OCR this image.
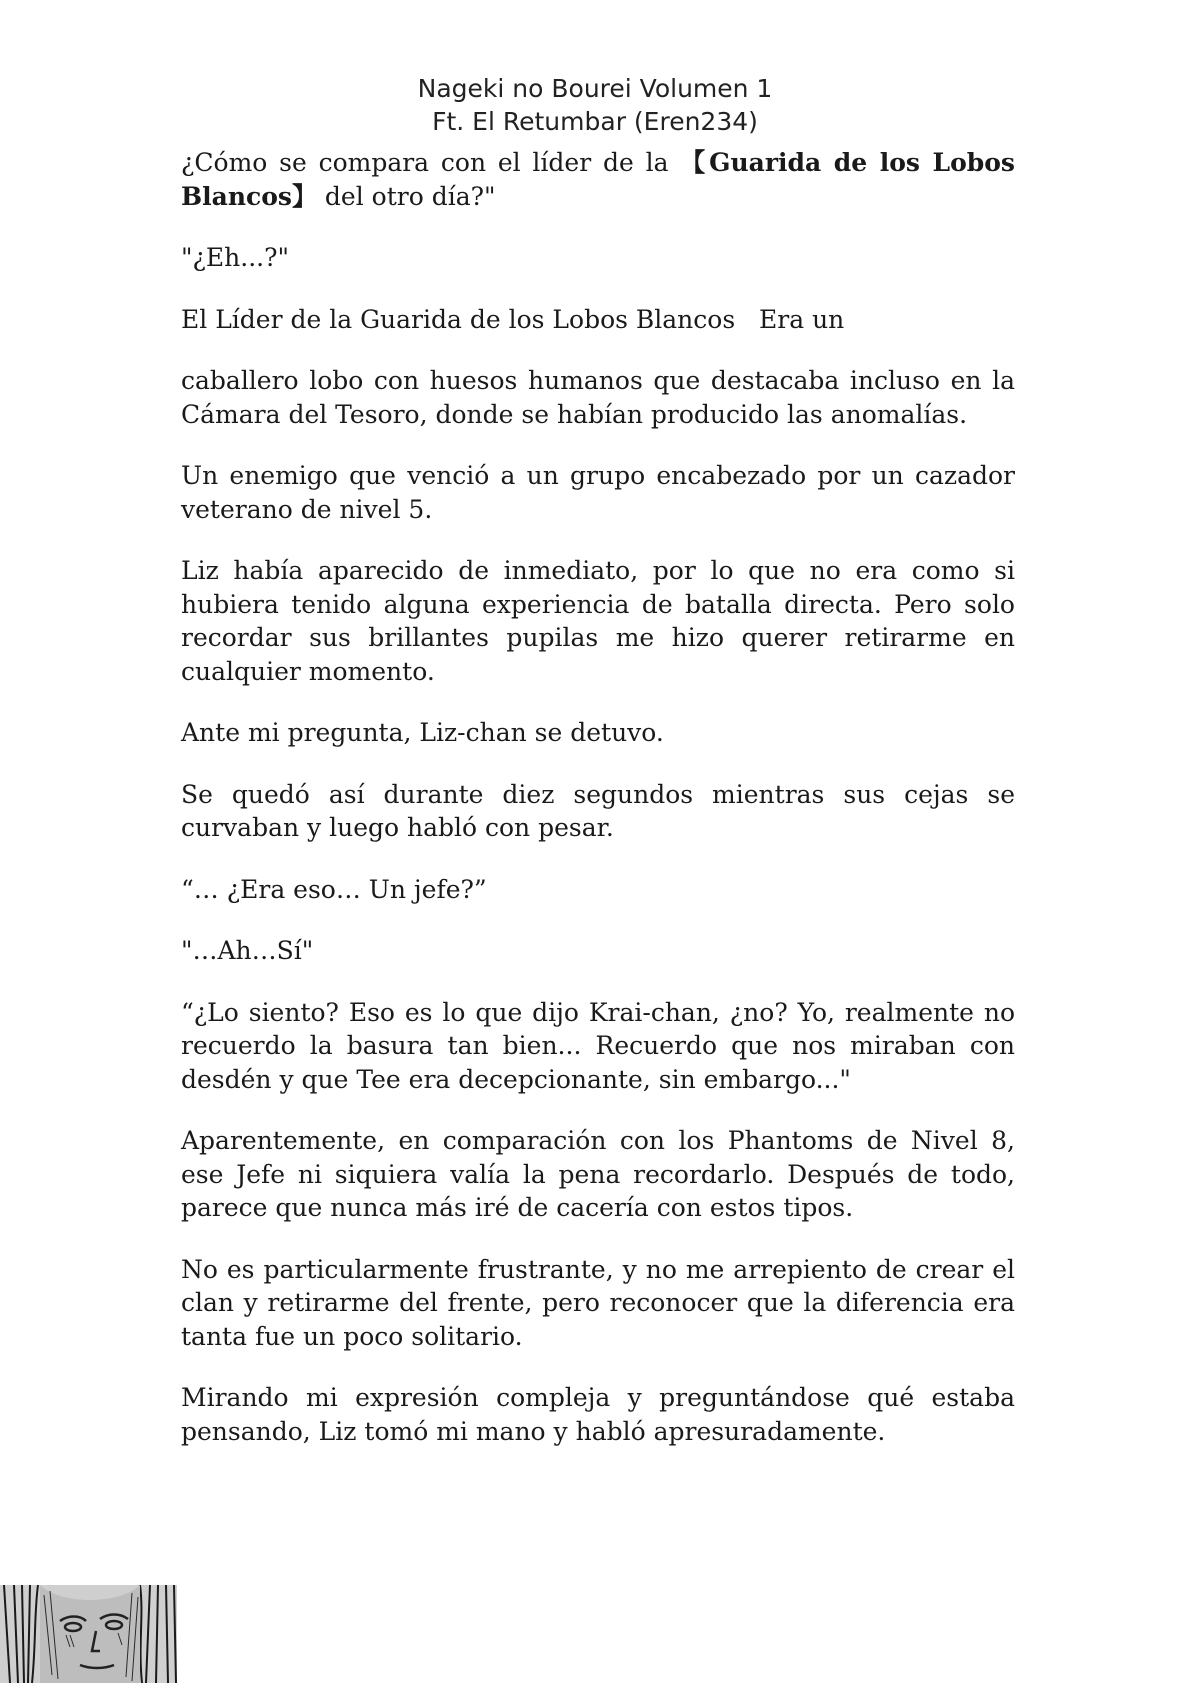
Nageki no Bourei Volumen 1
Ft. El Retumbar (Eren234)

¿Cómo se compara con el líder de la 【Guarida de los Lobos Blancos】 del otro día?"

"¿Eh...?"

El Líder de la Guarida de los Lobos Blancos Era un

caballero lobo con huesos humanos que destacaba incluso en la Cámara del Tesoro, donde se habían producido las anomalías.

Un enemigo que venció a un grupo encabezado por un cazador veterano de nivel 5.

Liz había aparecido de inmediato, por lo que no era como si hubiera tenido alguna experiencia de batalla directa. Pero solo recordar sus brillantes pupilas me hizo querer retirarme en cualquier momento.

Ante mi pregunta, Liz-chan se detuvo.

Se quedó así durante diez segundos mientras sus cejas se curvaban y luego habló con pesar.

“… ¿Era eso… Un jefe?”

"…Ah…Sí"

“¿Lo siento? Eso es lo que dijo Krai-chan, ¿no? Yo, realmente no recuerdo la basura tan bien... Recuerdo que nos miraban con desdén y que Tee era decepcionante, sin embargo..."

Aparentemente, en comparación con los Phantoms de Nivel 8, ese Jefe ni siquiera valía la pena recordarlo. Después de todo, parece que nunca más iré de cacería con estos tipos.

No es particularmente frustrante, y no me arrepiento de crear el clan y retirarme del frente, pero reconocer que la diferencia era tanta fue un poco solitario.

Mirando mi expresión compleja y preguntándose qué estaba pensando, Liz tomó mi mano y habló apresuradamente.
